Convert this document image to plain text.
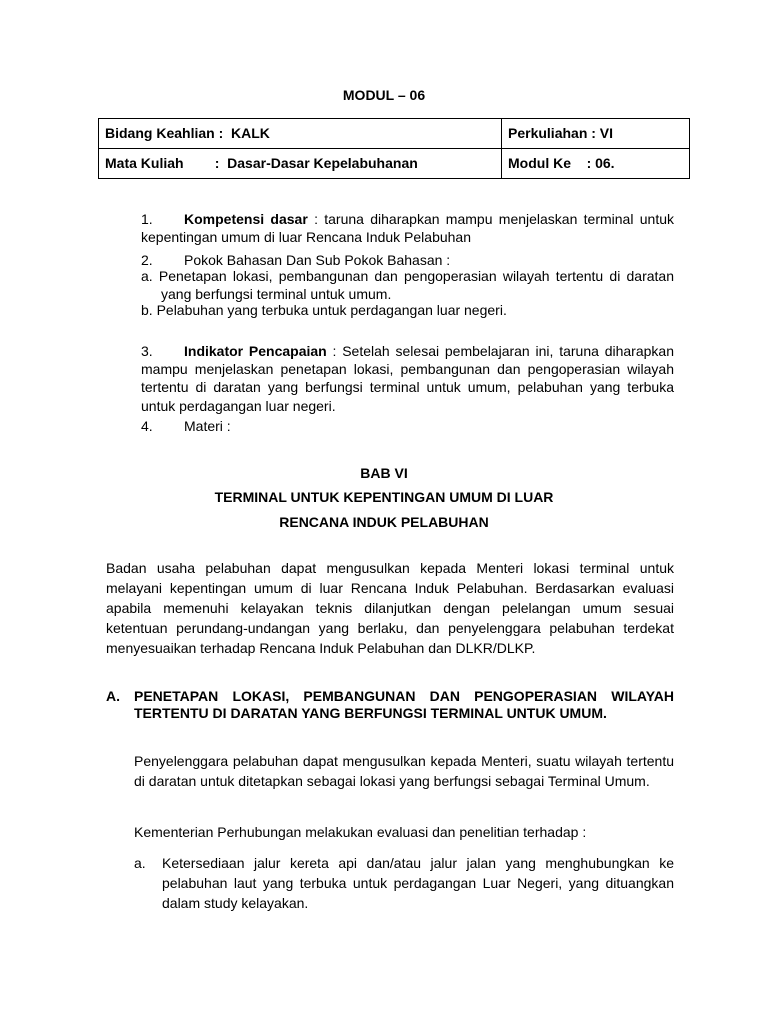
MODUL – 06
Bidang Keahlian : KALK	Perkuliahan : VI
Mata Kuliah : Dasar-Dasar Kepelabuhanan	Modul Ke : 06.
1. Kompetensi dasar : taruna diharapkan mampu menjelaskan terminal untuk kepentingan umum di luar Rencana Induk Pelabuhan
2. Pokok Bahasan Dan Sub Pokok Bahasan :
a. Penetapan lokasi, pembangunan dan pengoperasian wilayah tertentu di daratan yang berfungsi terminal untuk umum.
b. Pelabuhan yang terbuka untuk perdagangan luar negeri.
3. Indikator Pencapaian : Setelah selesai pembelajaran ini, taruna diharapkan mampu menjelaskan penetapan lokasi, pembangunan dan pengoperasian wilayah tertentu di daratan yang berfungsi terminal untuk umum, pelabuhan yang terbuka untuk perdagangan luar negeri.
4. Materi :
BAB VI
TERMINAL UNTUK KEPENTINGAN UMUM DI LUAR
RENCANA INDUK PELABUHAN
Badan usaha pelabuhan dapat mengusulkan kepada Menteri lokasi terminal untuk melayani kepentingan umum di luar Rencana Induk Pelabuhan. Berdasarkan evaluasi apabila memenuhi kelayakan teknis dilanjutkan dengan pelelangan umum sesuai ketentuan perundang-undangan yang berlaku, dan penyelenggara pelabuhan terdekat menyesuaikan terhadap Rencana Induk Pelabuhan dan DLKR/DLKP.
A. PENETAPAN LOKASI, PEMBANGUNAN DAN PENGOPERASIAN WILAYAH TERTENTU DI DARATAN YANG BERFUNGSI TERMINAL UNTUK UMUM.
Penyelenggara pelabuhan dapat mengusulkan kepada Menteri, suatu wilayah tertentu di daratan untuk ditetapkan sebagai lokasi yang berfungsi sebagai Terminal Umum.
Kementerian Perhubungan melakukan evaluasi dan penelitian terhadap :
a. Ketersediaan jalur kereta api dan/atau jalur jalan yang menghubungkan ke pelabuhan laut yang terbuka untuk perdagangan Luar Negeri, yang dituangkan dalam study kelayakan.
